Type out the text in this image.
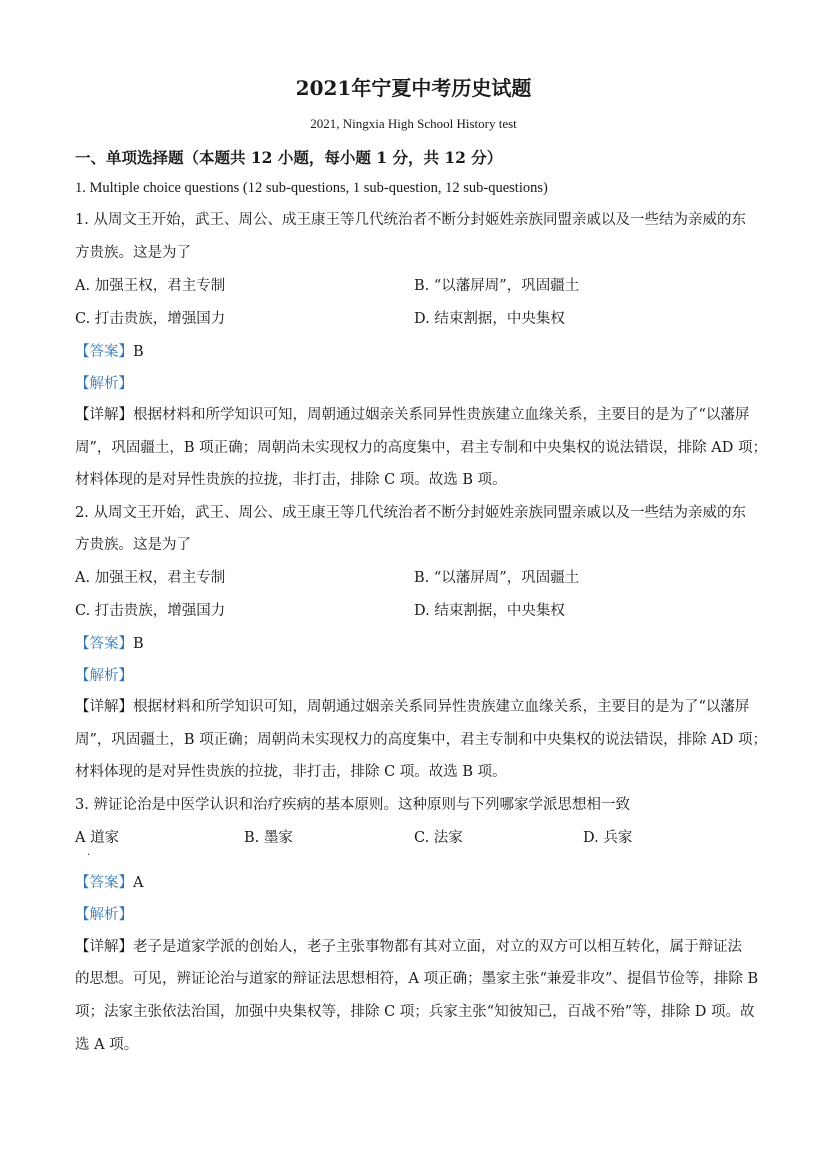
2021年宁夏中考历史试题
2021, Ningxia High School History test
一、单项选择题（本题共 12 小题，每小题 1 分，共 12 分）
1. Multiple choice questions (12 sub-questions, 1 sub-question, 12 sub-questions)
1. 从周文王开始，武王、周公、成王康王等几代统治者不断分封姬姓亲族同盟亲戚以及一些结为亲威的东
方贵族。这是为了
A. 加强王权，君主专制	B. “以藩屏周”，巩固疆土
C. 打击贵族，增强国力	D. 结束割据，中央集权
【答案】B
【解析】
【详解】根据材料和所学知识可知，周朝通过姻亲关系同异性贵族建立血缘关系，主要目的是为了“以藩屏
周”，巩固疆土，B 项正确；周朝尚未实现权力的高度集中，君主专制和中央集权的说法错误，排除 AD 项；
材料体现的是对异性贵族的拉拢，非打击，排除 C 项。故选 B 项。
2. 从周文王开始，武王、周公、成王康王等几代统治者不断分封姬姓亲族同盟亲戚以及一些结为亲威的东
方贵族。这是为了
A. 加强王权，君主专制	B. “以藩屏周”，巩固疆土
C. 打击贵族，增强国力	D. 结束割据，中央集权
【答案】B
【解析】
【详解】根据材料和所学知识可知，周朝通过姻亲关系同异性贵族建立血缘关系，主要目的是为了“以藩屏
周”，巩固疆土，B 项正确；周朝尚未实现权力的高度集中，君主专制和中央集权的说法错误，排除 AD 项；
材料体现的是对异性贵族的拉拢，非打击，排除 C 项。故选 B 项。
3. 辨证论治是中医学认识和治疗疾病的基本原则。这种原则与下列哪家学派思想相一致
A 道家
.
B. 墨家	C. 法家	D. 兵家
【答案】A
【解析】
【详解】老子是道家学派的创始人，老子主张事物都有其对立面，对立的双方可以相互转化，属于辩证法
的思想。可见，辨证论治与道家的辩证法思想相符，A 项正确；墨家主张“兼爱非攻”、提倡节俭等，排除 B
项；法家主张依法治国，加强中央集权等，排除 C 项；兵家主张“知彼知己，百战不殆”等，排除 D 项。故
选 A 项。
